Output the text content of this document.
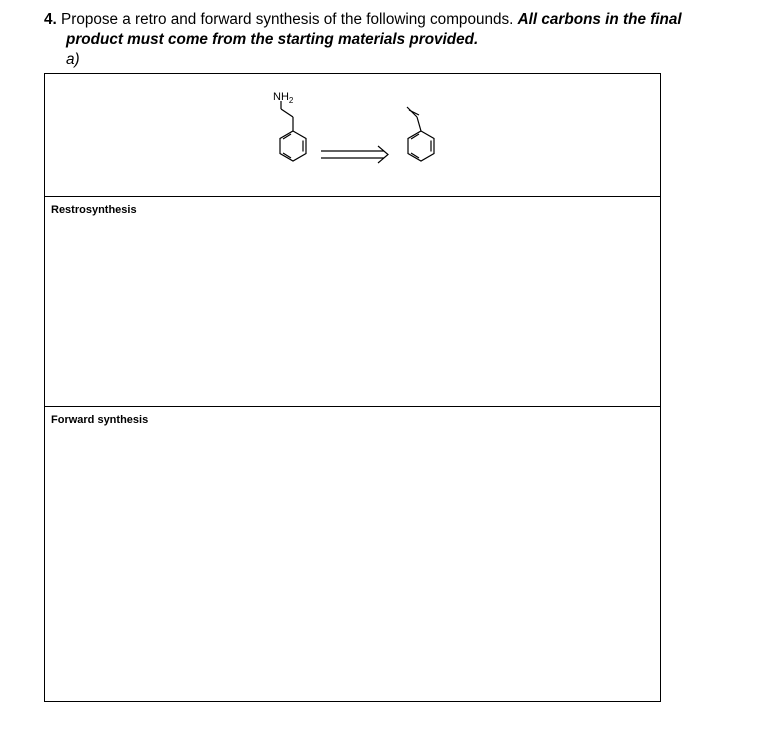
4. Propose a retro and forward synthesis of the following compounds. All carbons in the final
product must come from the starting materials provided.
a)
$NH_2$
Restrosynthesis
Forward synthesis
